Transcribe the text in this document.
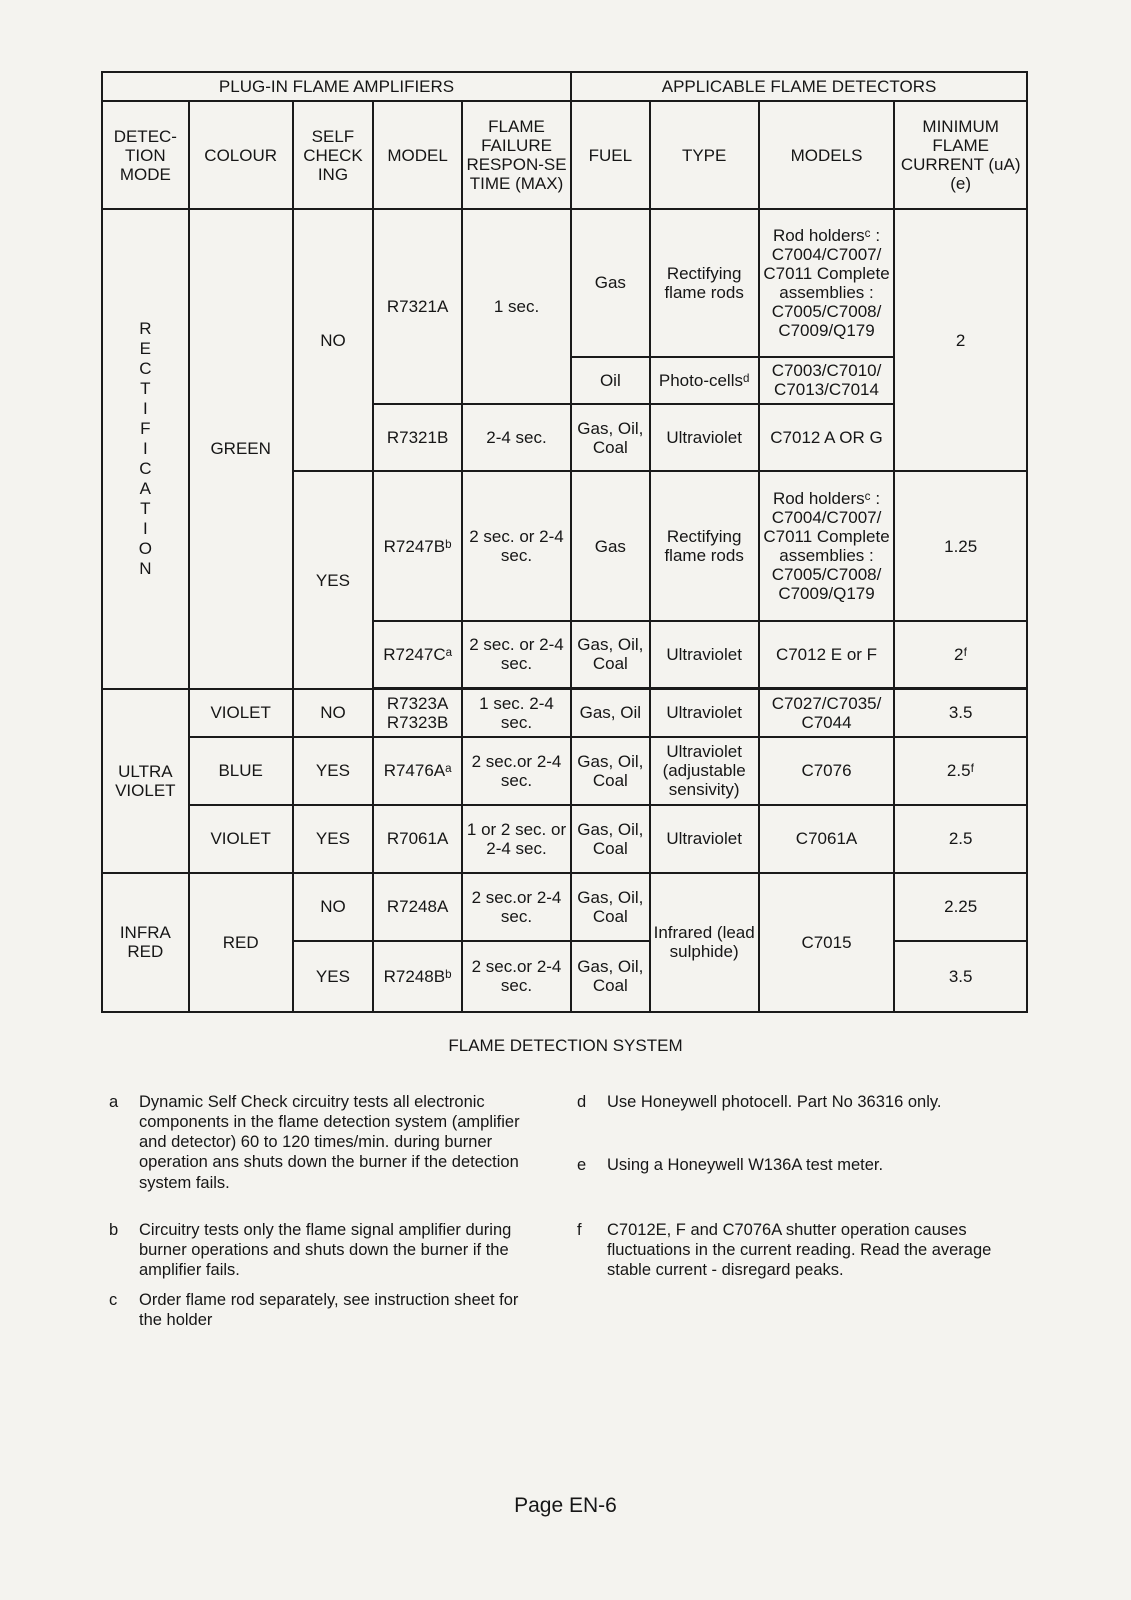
PLUG-IN FLAME AMPLIFIERS					APPLICABLE FLAME DETECTORS			
DETEC-TION MODE	COLOUR	SELF CHECK ING	MODEL	FLAME FAILURE RESPON-SE TIME (MAX)	FUEL	TYPE	MODELS	MINIMUM FLAME CURRENT (uA) (e)
RECTIFICATION	GREEN	NO	R7321A	1 sec.	Gas	Rectifying flame rods	Rod holdersᶜ : C7004/C7007/ C7011 Complete assemblies : C7005/C7008/ C7009/Q179	2
					Oil	Photo-cellsᵈ	C7003/C7010/ C7013/C7014	
			R7321B	2-4 sec.	Gas, Oil, Coal	Ultraviolet	C7012 A OR G	
		YES	R7247Bᵇ	2 sec. or 2-4 sec.	Gas	Rectifying flame rods	Rod holdersᶜ : C7004/C7007/ C7011 Complete assemblies : C7005/C7008/ C7009/Q179	1.25
			R7247Cᵃ	2 sec. or 2-4 sec.	Gas, Oil, Coal	Ultraviolet	C7012 E or F	2ᶠ

ULTRA VIOLET	VIOLET	NO	R7323A R7323B	1 sec. 2-4 sec.	Gas, Oil	Ultraviolet	C7027/C7035/ C7044	3.5
	BLUE	YES	R7476Aᵃ	2 sec.or 2-4 sec.	Gas, Oil, Coal	Ultraviolet (adjustable sensivity)	C7076	2.5ᶠ
	VIOLET	YES	R7061A	1 or 2 sec. or 2-4 sec.	Gas, Oil, Coal	Ultraviolet	C7061A	2.5
INFRA RED	RED	NO	R7248A	2 sec.or 2-4 sec.	Gas, Oil, Coal	Infrared (lead sulphide)	C7015	2.25
		YES	R7248Bᵇ	2 sec.or 2-4 sec.	Gas, Oil, Coal			3.5
FLAME DETECTION SYSTEM
a	Dynamic Self Check circuitry tests all electronic components in the flame detection system (amplifier and detector) 60 to 120 times/min. during burner operation ans shuts down the burner if the detection system fails.
b	Circuitry tests only the flame signal amplifier during burner operations and shuts down the burner if the amplifier fails.
c	Order flame rod separately, see instruction sheet for the holder
d	Use Honeywell photocell. Part No 36316 only.
e	Using a Honeywell W136A test meter.
f	C7012E, F and C7076A shutter operation causes fluctuations in the current reading. Read the average stable current - disregard peaks.
Page EN-6
